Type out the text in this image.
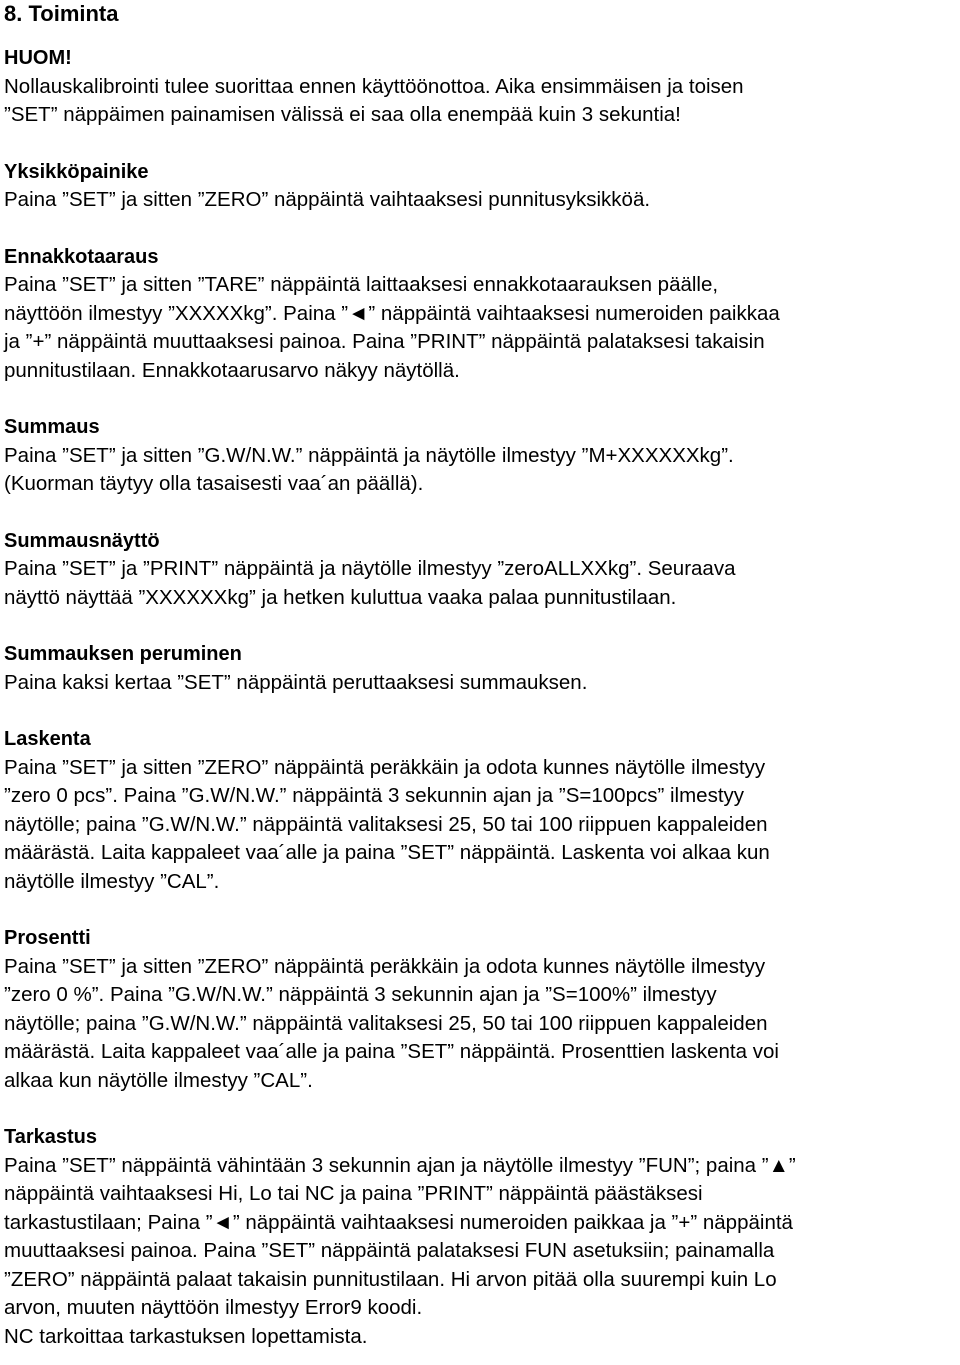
8. Toiminta
HUOM!
Nollauskalibrointi tulee suorittaa ennen käyttöönottoa. Aika ensimmäisen ja toisen
”SET” näppäimen painamisen välissä ei saa olla enempää kuin 3 sekuntia!
Yksikköpainike
Paina ”SET” ja sitten ”ZERO” näppäintä vaihtaaksesi punnitusyksikköä.
Ennakkotaaraus
Paina ”SET” ja sitten ”TARE” näppäintä laittaaksesi ennakkotaarauksen päälle,
näyttöön ilmestyy ”XXXXXkg”. Paina ”◄” näppäintä vaihtaaksesi numeroiden paikkaa
ja ”+” näppäintä muuttaaksesi painoa. Paina ”PRINT” näppäintä palataksesi takaisin
punnitustilaan. Ennakkotaarusarvo näkyy näytöllä.
Summaus
Paina ”SET” ja sitten ”G.W/N.W.” näppäintä ja näytölle ilmestyy ”M+XXXXXXkg”.
(Kuorman täytyy olla tasaisesti vaa´an päällä).
Summausnäyttö
Paina ”SET” ja ”PRINT” näppäintä ja näytölle ilmestyy ”zeroALLXXkg”. Seuraava
näyttö näyttää ”XXXXXXkg” ja hetken kuluttua vaaka palaa punnitustilaan.
Summauksen peruminen
Paina kaksi kertaa ”SET” näppäintä peruttaaksesi summauksen.
Laskenta
Paina ”SET” ja sitten ”ZERO” näppäintä peräkkäin ja odota kunnes näytölle ilmestyy
”zero 0 pcs”. Paina ”G.W/N.W.” näppäintä 3 sekunnin ajan ja ”S=100pcs” ilmestyy
näytölle; paina ”G.W/N.W.” näppäintä valitaksesi 25, 50 tai 100 riippuen kappaleiden
määrästä. Laita kappaleet vaa´alle ja paina ”SET” näppäintä. Laskenta voi alkaa kun
näytölle ilmestyy ”CAL”.
Prosentti
Paina ”SET” ja sitten ”ZERO” näppäintä peräkkäin ja odota kunnes näytölle ilmestyy
”zero 0 %”. Paina ”G.W/N.W.” näppäintä 3 sekunnin ajan ja ”S=100%” ilmestyy
näytölle; paina ”G.W/N.W.” näppäintä valitaksesi 25, 50 tai 100 riippuen kappaleiden
määrästä. Laita kappaleet vaa´alle ja paina ”SET” näppäintä. Prosenttien laskenta voi
alkaa kun näytölle ilmestyy ”CAL”.
Tarkastus
Paina ”SET” näppäintä vähintään 3 sekunnin ajan ja näytölle ilmestyy ”FUN”; paina ”▲”
näppäintä vaihtaaksesi Hi, Lo tai NC ja paina ”PRINT” näppäintä päästäksesi
tarkastustilaan; Paina ”◄” näppäintä vaihtaaksesi numeroiden paikkaa ja ”+” näppäintä
muuttaaksesi painoa. Paina ”SET” näppäintä palataksesi FUN asetuksiin; painamalla
”ZERO” näppäintä palaat takaisin punnitustilaan. Hi arvon pitää olla suurempi kuin Lo
arvon, muuten näyttöön ilmestyy Error9 koodi.
NC tarkoittaa tarkastuksen lopettamista.
